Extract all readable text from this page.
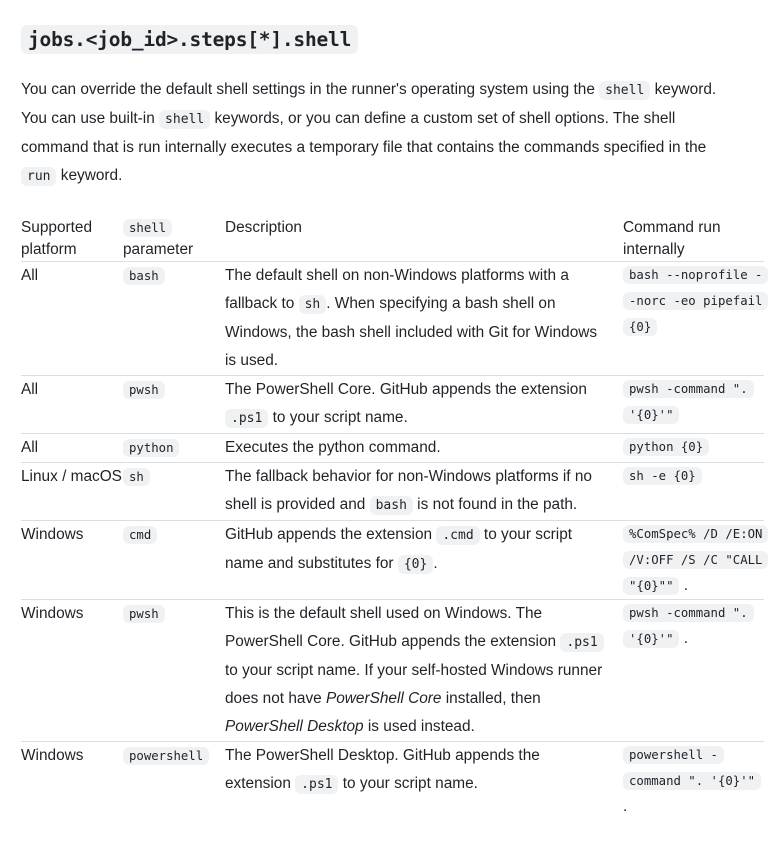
jobs.<job_id>.steps[*].shell

You can override the default shell settings in the runner's operating system using the shell keyword. You can use built-in shell keywords, or you can define a custom set of shell options. The shell command that is run internally executes a temporary file that contains the commands specified in the run keyword.

Supported platform	shell parameter	Description	Command run internally
All	bash	The default shell on non-Windows platforms with a fallback to sh . When specifying a bash shell on Windows, the bash shell included with Git for Windows is used.	bash --noprofile --norc -eo pipefail {0}
All	pwsh	The PowerShell Core. GitHub appends the extension .ps1 to your script name.	pwsh -command ". '{0}'"
All	python	Executes the python command.	python {0}
Linux / macOS	sh	The fallback behavior for non-Windows platforms if no shell is provided and bash is not found in the path.	sh -e {0}
Windows	cmd	GitHub appends the extension .cmd to your script name and substitutes for {0} .	%ComSpec% /D /E:ON /V:OFF /S /C "CALL "{0}"" .
Windows	pwsh	This is the default shell used on Windows. The PowerShell Core. GitHub appends the extension .ps1 to your script name. If your self-hosted Windows runner does not have PowerShell Core installed, then PowerShell Desktop is used instead.	pwsh -command ". '{0}'" .
Windows	powershell	The PowerShell Desktop. GitHub appends the extension .ps1 to your script name.	powershell -command ". '{0}'" .
